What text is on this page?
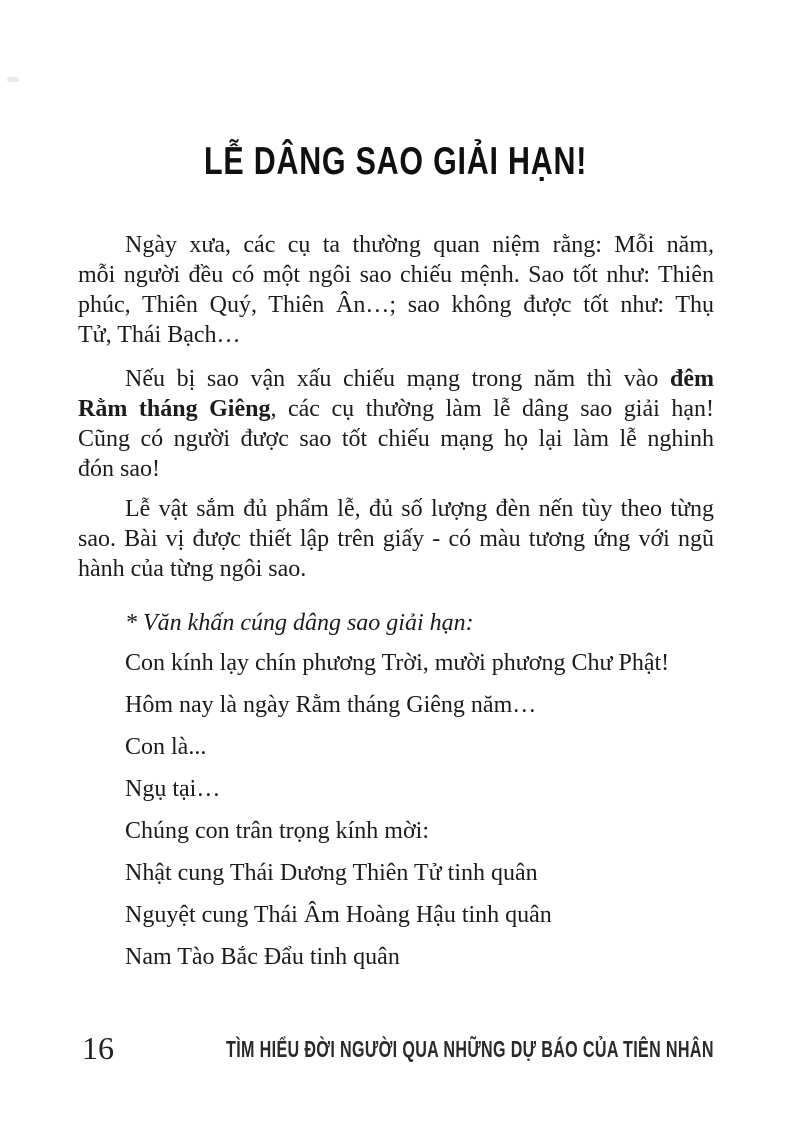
LỄ DÂNG SAO GIẢI HẠN!
Ngày xưa, các cụ ta thường quan niệm rằng: Mỗi năm,
mỗi người đều có một ngôi sao chiếu mệnh. Sao tốt như: Thiên
phúc, Thiên Quý, Thiên Ân…; sao không được tốt như: Thụ
Tử, Thái Bạch…
Nếu bị sao vận xấu chiếu mạng trong năm thì vào đêm
Rằm tháng Giêng, các cụ thường làm lễ dâng sao giải hạn!
Cũng có người được sao tốt chiếu mạng họ lại làm lễ nghinh
đón sao!
Lễ vật sắm đủ phẩm lễ, đủ số lượng đèn nến tùy theo từng
sao. Bài vị được thiết lập trên giấy - có màu tương ứng với ngũ
hành của từng ngôi sao.

* Văn khấn cúng dâng sao giải hạn:

Con kính lạy chín phương Trời, mười phương Chư Phật!

Hôm nay là ngày Rằm tháng Giêng năm…

Con là...

Ngụ tại…

Chúng con trân trọng kính mời:

Nhật cung Thái Dương Thiên Tử tinh quân

Nguyệt cung Thái Âm Hoàng Hậu tinh quân

Nam Tào Bắc Đẩu tinh quân

16	TÌM HIỂU ĐỜI NGƯỜI QUA NHỮNG DỰ BÁO CỦA TIÊN NHÂN
